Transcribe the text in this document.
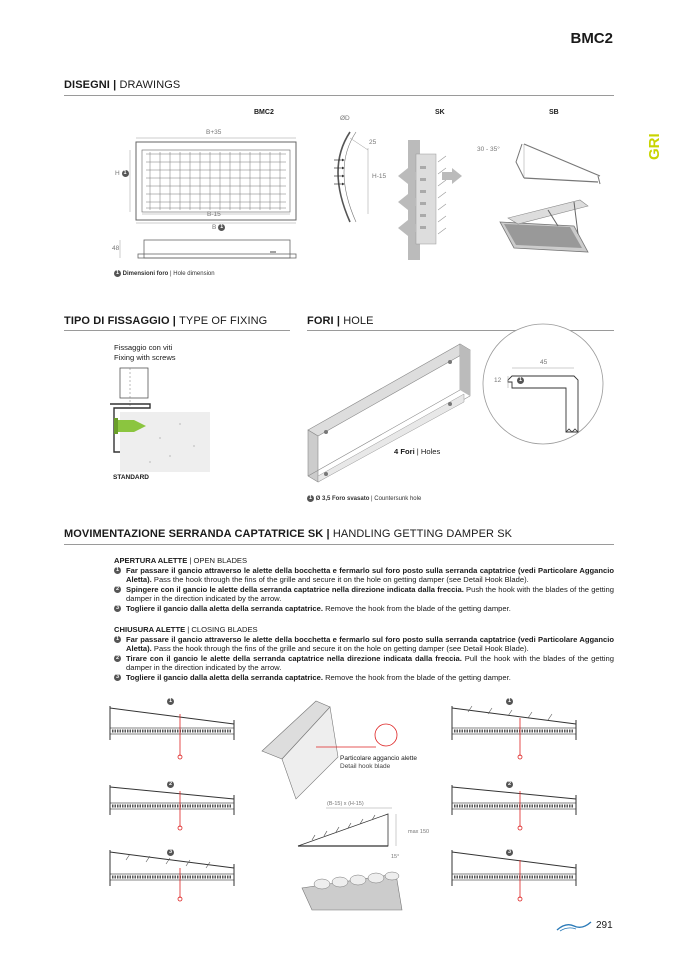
BMC2
GRI
DISEGNI | DRAWINGS
BMC2	SK	SB
B+35
H 1
B-15
B 1
48
1 Dimensioni foro | Hole dimension
ØD
25
H-15
30 - 35°
TIPO DI FISSAGGIO | TYPE OF FIXING
Fissaggio con viti
Fixing with screws
STANDARD
FORI | HOLE
4 Fori | Holes
45
12	1
1 Ø 3,5 Foro svasato | Countersunk hole
MOVIMENTAZIONE SERRANDA CAPTATRICE SK | HANDLING GETTING DAMPER SK
APERTURA ALETTE | OPEN BLADES
1 Far passare il gancio attraverso le alette della bocchetta e fermarlo sul foro posto sulla serranda captatrice (vedi Particolare Aggancio Aletta). Pass the hook through the fins of the grille and secure it on the hole on getting damper (see Detail Hook Blade).
2 Spingere con il gancio le alette della serranda captatrice nella direzione indicata dalla freccia. Push the hook with the blades of the getting damper in the direction indicated by the arrow.
3 Togliere il gancio dalla aletta della serranda captatrice. Remove the hook from the blade of the getting damper.
CHIUSURA ALETTE | CLOSING BLADES
1 Far passare il gancio attraverso le alette della bocchetta e fermarlo sul foro posto sulla serranda captatrice (vedi Particolare Aggancio Aletta). Pass the hook through the fins of the grille and secure it on the hole on getting damper (see Detail Hook Blade).
2 Tirare con il gancio le alette della serranda captatrice nella direzione indicata dalla freccia. Pull the hook with the blades of the getting damper in the direction indicated by the arrow.
3 Togliere il gancio dalla aletta della serranda captatrice. Remove the hook from the blade of the getting damper.
1
2
3
Particolare aggancio alette
Detail hook blade
(B-15) x (H-15)
max 150
15°
1
2
3
291
